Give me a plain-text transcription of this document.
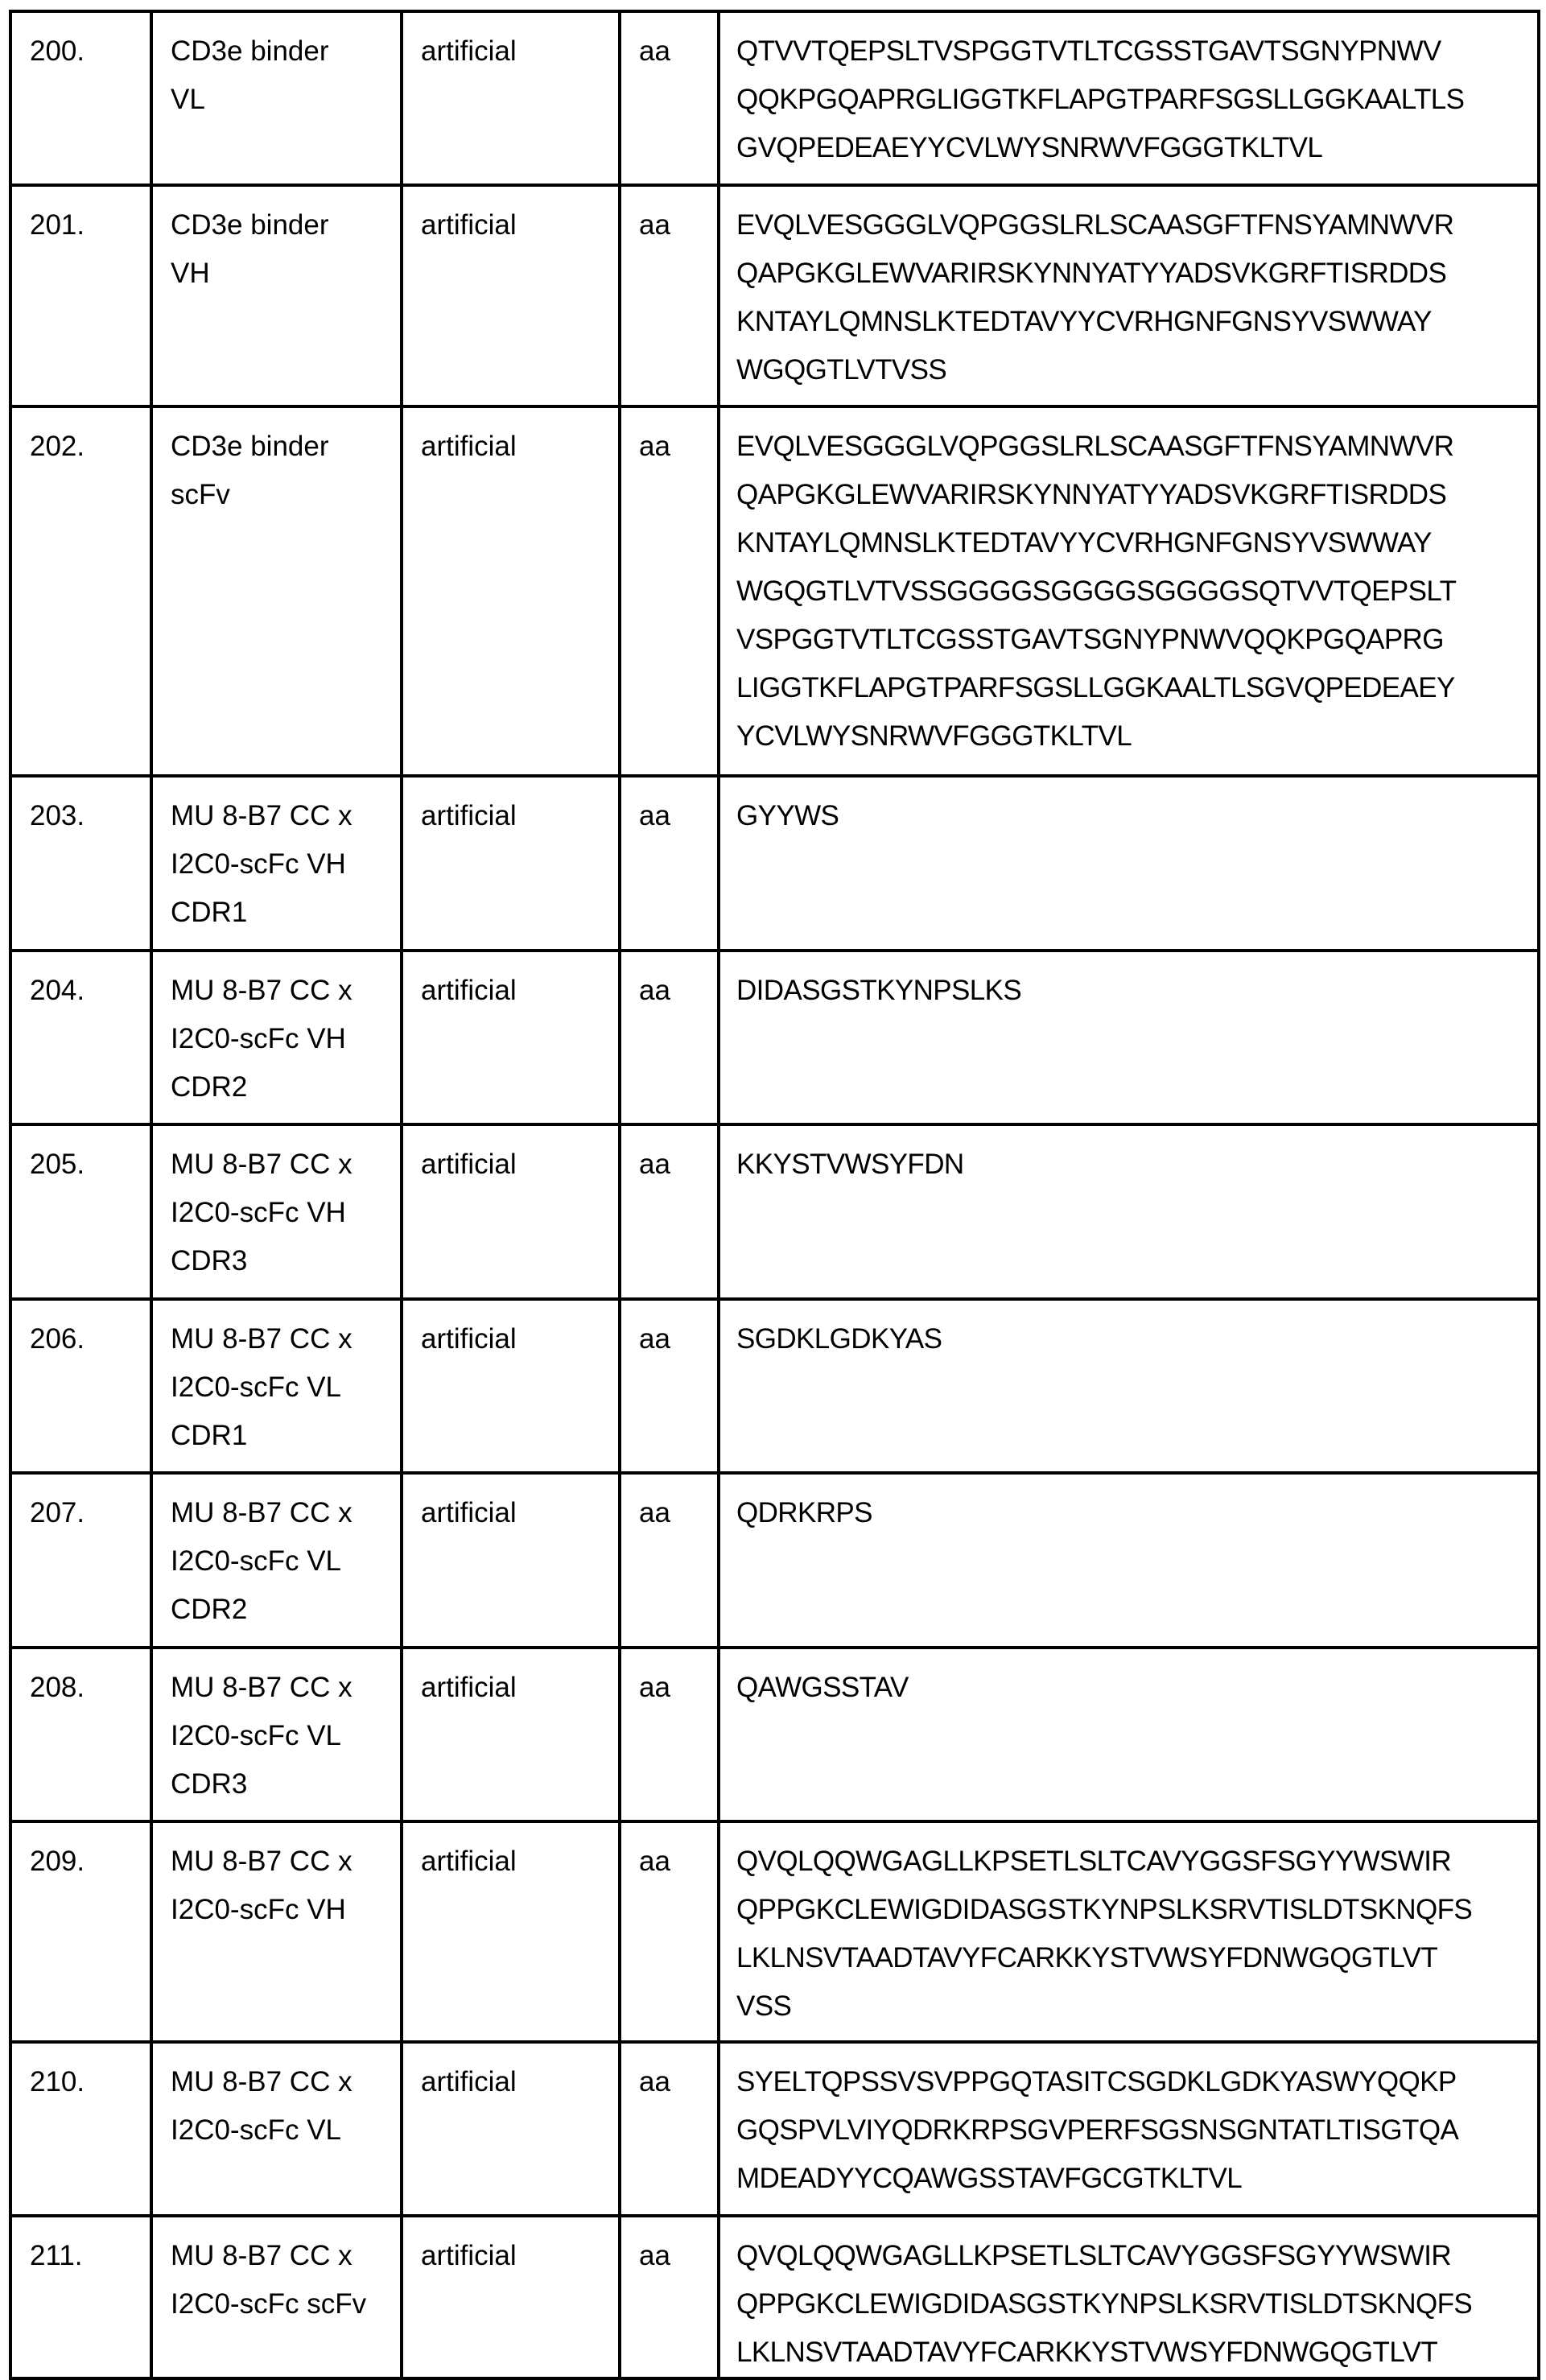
200.	CD3e binder
VL	artificial	aa	QTVVTQEPSLTVSPGGTVTLTCGSSTGAVTSGNYPNWV
QQKPGQAPRGLIGGTKFLAPGTPARFSGSLLGGKAALTLS
GVQPEDEAEYYCVLWYSNRWVFGGGTKLTVL

201.	CD3e binder
VH	artificial	aa	EVQLVESGGGLVQPGGSLRLSCAASGFTFNSYAMNWVR
QAPGKGLEWVARIRSKYNNYATYYADSVKGRFTISRDDS
KNTAYLQMNSLKTEDTAVYYCVRHGNFGNSYVSWWAY
WGQGTLVTVSS

202.	CD3e binder
scFv	artificial	aa	EVQLVESGGGLVQPGGSLRLSCAASGFTFNSYAMNWVR
QAPGKGLEWVARIRSKYNNYATYYADSVKGRFTISRDDS
KNTAYLQMNSLKTEDTAVYYCVRHGNFGNSYVSWWAY
WGQGTLVTVSSGGGGSGGGGSGGGGSQTVVTQEPSLT
VSPGGTVTLTCGSSTGAVTSGNYPNWVQQKPGQAPRG
LIGGTKFLAPGTPARFSGSLLGGKAALTLSGVQPEDEAEY
YCVLWYSNRWVFGGGTKLTVL

203.	MU 8-B7 CC x
I2C0-scFc VH
CDR1	artificial	aa	GYYWS

204.	MU 8-B7 CC x
I2C0-scFc VH
CDR2	artificial	aa	DIDASGSTKYNPSLKS

205.	MU 8-B7 CC x
I2C0-scFc VH
CDR3	artificial	aa	KKYSTVWSYFDN

206.	MU 8-B7 CC x
I2C0-scFc VL
CDR1	artificial	aa	SGDKLGDKYAS

207.	MU 8-B7 CC x
I2C0-scFc VL
CDR2	artificial	aa	QDRKRPS

208.	MU 8-B7 CC x
I2C0-scFc VL
CDR3	artificial	aa	QAWGSSTAV

209.	MU 8-B7 CC x
I2C0-scFc VH	artificial	aa	QVQLQQWGAGLLKPSETLSLTCAVYGGSFSGYYWSWIR
QPPGKCLEWIGDIDASGSTKYNPSLKSRVTISLDTSKNQFS
LKLNSVTAADTAVYFCARKKYSTVWSYFDNWGQGTLVT
VSS

210.	MU 8-B7 CC x
I2C0-scFc VL	artificial	aa	SYELTQPSSVSVPPGQTASITCSGDKLGDKYASWYQQKP
GQSPVLVIYQDRKRPSGVPERFSGSNSGNTATLTISGTQA
MDEADYYCQAWGSSTAVFGCGTKLTVL

211.	MU 8-B7 CC x
I2C0-scFc scFv	artificial	aa	QVQLQQWGAGLLKPSETLSLTCAVYGGSFSGYYWSWIR
QPPGKCLEWIGDIDASGSTKYNPSLKSRVTISLDTSKNQFS
LKLNSVTAADTAVYFCARKKYSTVWSYFDNWGQGTLVT
